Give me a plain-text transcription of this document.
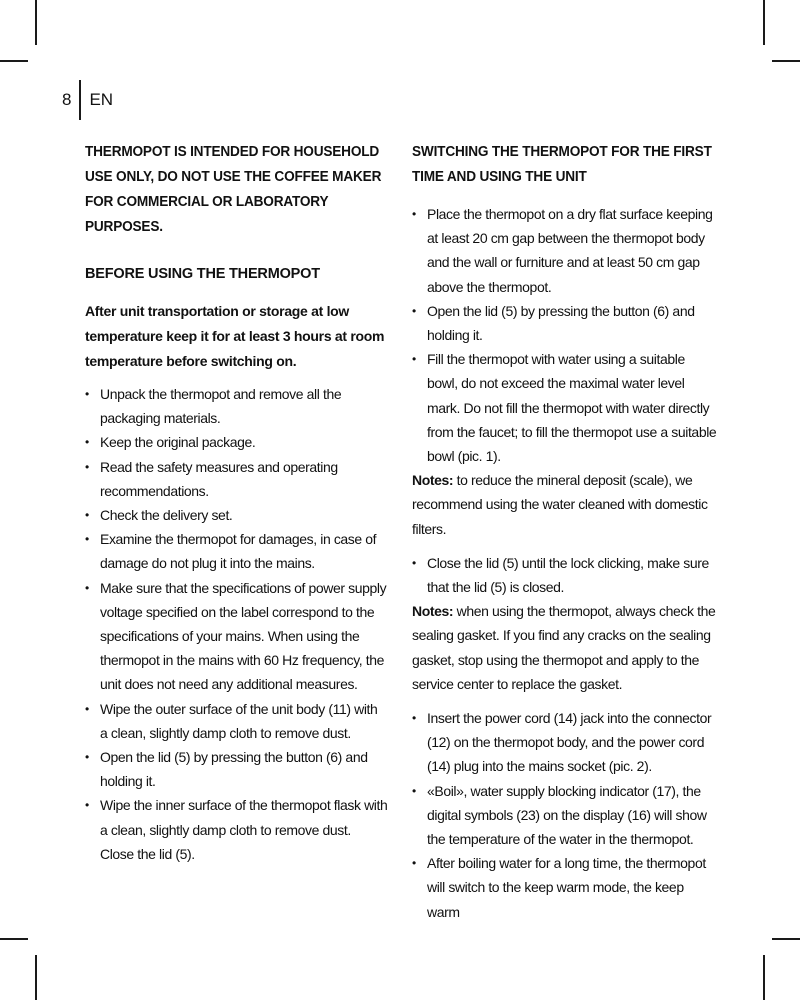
8 EN
THERMOPOT IS INTENDED FOR HOUSEHOLD USE ONLY, DO NOT USE THE COFFEE MAKER FOR COMMERCIAL OR LABORATORY PURPOSES.
BEFORE USING THE THERMOPOT
After unit transportation or storage at low temperature keep it for at least 3 hours at room temperature before switching on.
• Unpack the thermopot and remove all the packaging materials.
• Keep the original package.
• Read the safety measures and operating recommendations.
• Check the delivery set.
• Examine the thermopot for damages, in case of damage do not plug it into the mains.
• Make sure that the specifications of power supply voltage specified on the label correspond to the specifications of your mains. When using the thermopot in the mains with 60 Hz frequency, the unit does not need any additional measures.
• Wipe the outer surface of the unit body (11) with a clean, slightly damp cloth to remove dust.
• Open the lid (5) by pressing the button (6) and holding it.
• Wipe the inner surface of the thermopot flask with a clean, slightly damp cloth to remove dust. Close the lid (5).
SWITCHING THE THERMOPOT FOR THE FIRST TIME AND USING THE UNIT
• Place the thermopot on a dry flat surface keeping at least 20 cm gap between the thermopot body and the wall or furniture and at least 50 cm gap above the thermopot.
• Open the lid (5) by pressing the button (6) and holding it.
• Fill the thermopot with water using a suitable bowl, do not exceed the maximal water level mark. Do not fill the thermopot with water directly from the faucet; to fill the thermopot use a suitable bowl (pic. 1).

Notes: to reduce the mineral deposit (scale), we recommend using the water cleaned with domestic filters.

• Close the lid (5) until the lock clicking, make sure that the lid (5) is closed.

Notes: when using the thermopot, always check the sealing gasket. If you find any cracks on the sealing gasket, stop using the thermopot and apply to the service center to replace the gasket.

• Insert the power cord (14) jack into the connector (12) on the thermopot body, and the power cord (14) plug into the mains socket (pic. 2).
• «Boil», water supply blocking indicator (17), the digital symbols (23) on the display (16) will show the temperature of the water in the thermopot.
• After boiling water for a long time, the thermopot will switch to the keep warm mode, the keep warm
